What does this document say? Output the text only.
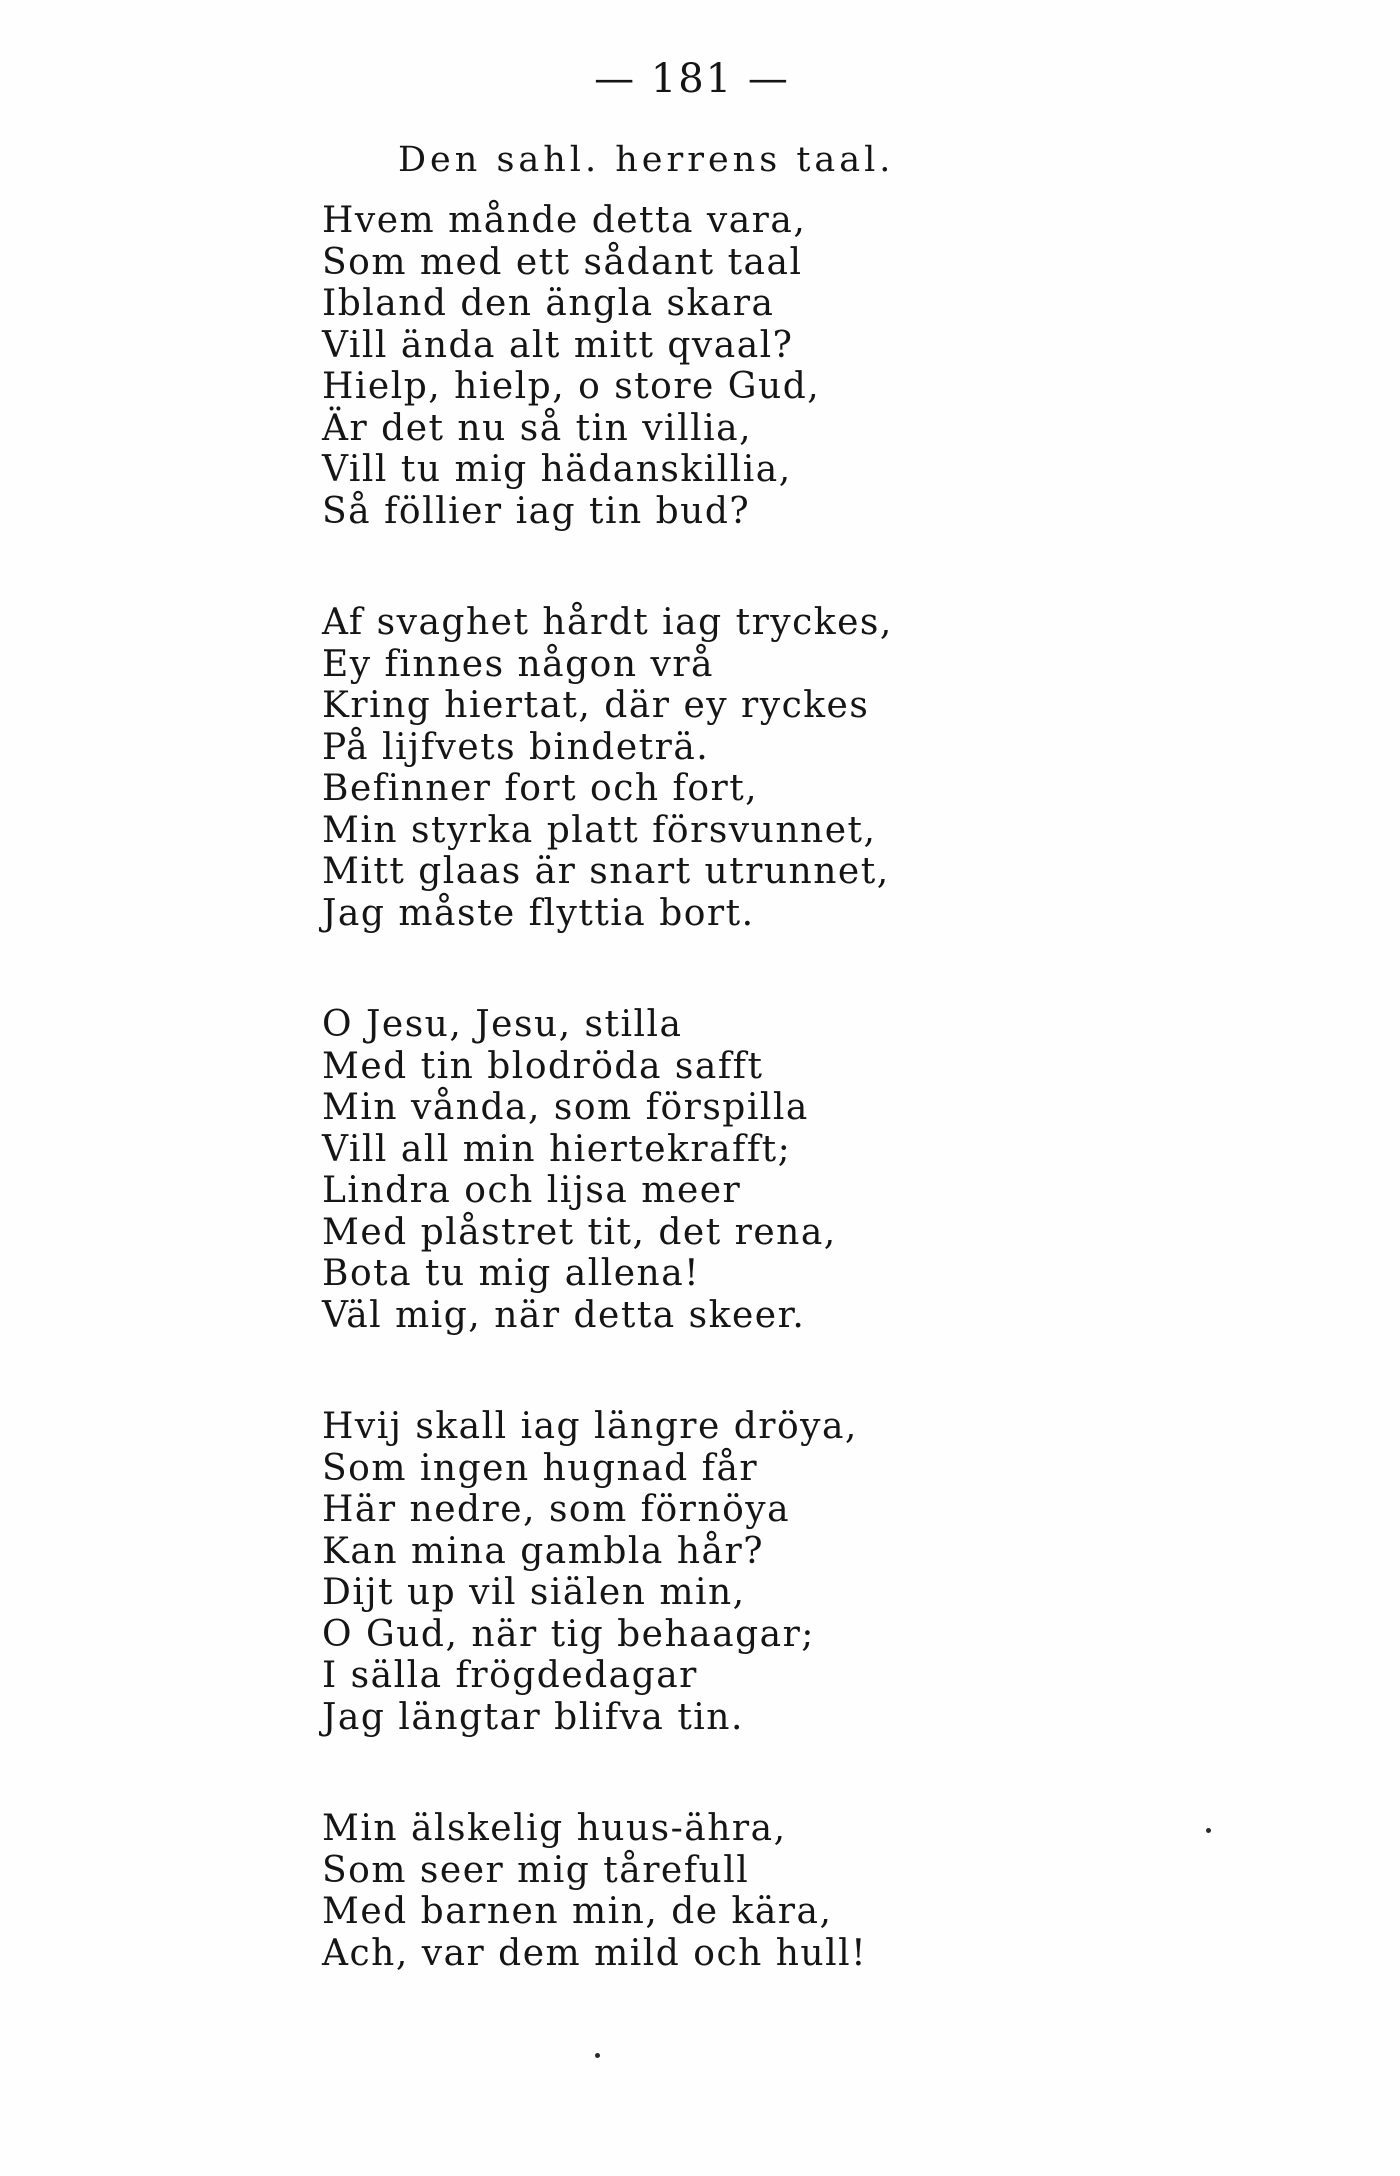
— 181 —
Den sahl. herrens taal.
Hvem månde detta vara,
Som med ett sådant taal
Ibland den ängla skara
Vill ända alt mitt qvaal?
Hielp, hielp, o store Gud,
Är det nu så tin villia,
Vill tu mig hädanskillia,
Så föllier iag tin bud?
Af svaghet hårdt iag tryckes,
Ey finnes någon vrå
Kring hiertat, där ey ryckes
På lijfvets bindeträ.
Befinner fort och fort,
Min styrka platt försvunnet,
Mitt glaas är snart utrunnet,
Jag måste flyttia bort.
O Jesu, Jesu, stilla
Med tin blodröda safft
Min vånda, som förspilla
Vill all min hiertekrafft;
Lindra och lijsa meer
Med plåstret tit, det rena,
Bota tu mig allena!
Väl mig, när detta skeer.
Hvij skall iag längre dröya,
Som ingen hugnad får
Här nedre, som förnöya
Kan mina gambla hår?
Dijt up vil siälen min,
O Gud, när tig behaagar;
I sälla frögdedagar
Jag längtar blifva tin.
Min älskelig huus-ähra,
Som seer mig tårefull
Med barnen min, de kära,
Ach, var dem mild och hull!
